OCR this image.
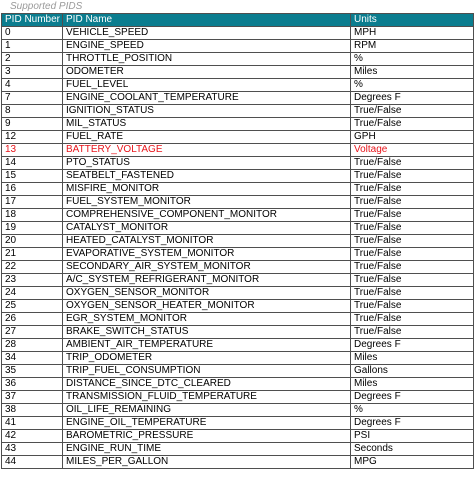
Supported PIDS
PID Number	PID Name	Units
0	VEHICLE_SPEED	MPH
1	ENGINE_SPEED	RPM
2	THROTTLE_POSITION	%
3	ODOMETER	Miles
4	FUEL_LEVEL	%
7	ENGINE_COOLANT_TEMPERATURE	Degrees F
8	IGNITION_STATUS	True/False
9	MIL_STATUS	True/False
12	FUEL_RATE	GPH
13	BATTERY_VOLTAGE	Voltage
14	PTO_STATUS	True/False
15	SEATBELT_FASTENED	True/False
16	MISFIRE_MONITOR	True/False
17	FUEL_SYSTEM_MONITOR	True/False
18	COMPREHENSIVE_COMPONENT_MONITOR	True/False
19	CATALYST_MONITOR	True/False
20	HEATED_CATALYST_MONITOR	True/False
21	EVAPORATIVE_SYSTEM_MONITOR	True/False
22	SECONDARY_AIR_SYSTEM_MONITOR	True/False
23	A/C_SYSTEM_REFRIGERANT_MONITOR	True/False
24	OXYGEN_SENSOR_MONITOR	True/False
25	OXYGEN_SENSOR_HEATER_MONITOR	True/False
26	EGR_SYSTEM_MONITOR	True/False
27	BRAKE_SWITCH_STATUS	True/False
28	AMBIENT_AIR_TEMPERATURE	Degrees F
34	TRIP_ODOMETER	Miles
35	TRIP_FUEL_CONSUMPTION	Gallons
36	DISTANCE_SINCE_DTC_CLEARED	Miles
37	TRANSMISSION_FLUID_TEMPERATURE	Degrees F
38	OIL_LIFE_REMAINING	%
41	ENGINE_OIL_TEMPERATURE	Degrees F
42	BAROMETRIC_PRESSURE	PSI
43	ENGINE_RUN_TIME	Seconds
44	MILES_PER_GALLON	MPG
